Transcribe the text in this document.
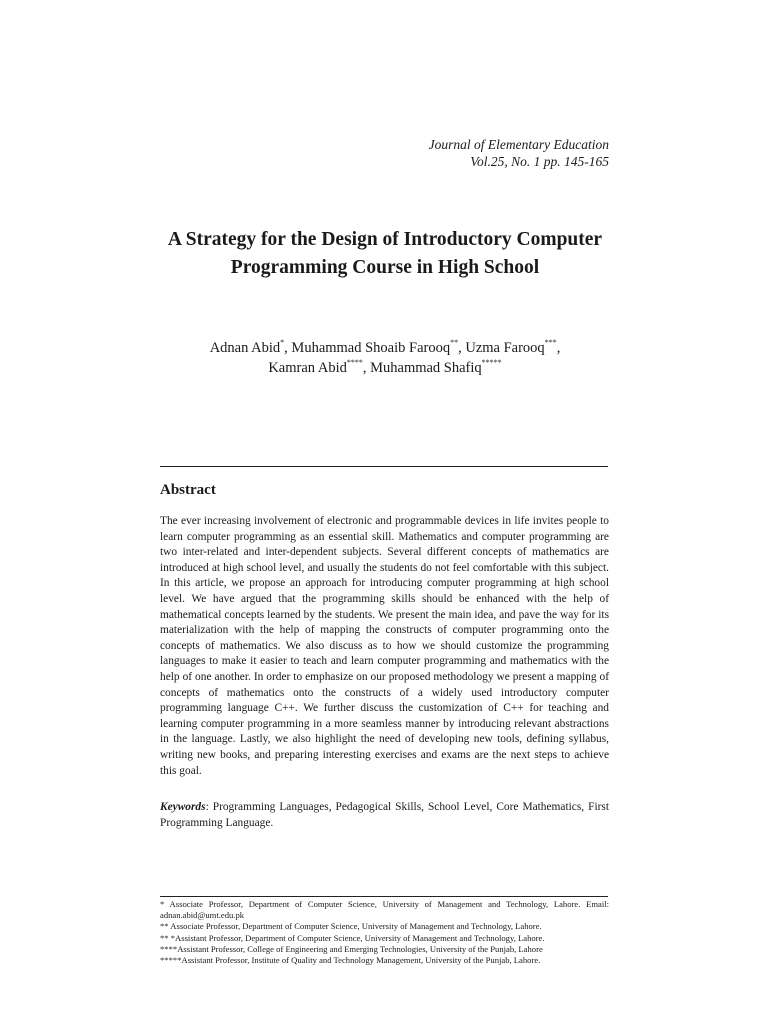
Journal of Elementary Education
Vol.25, No. 1 pp. 145-165
A Strategy for the Design of Introductory Computer
Programming Course in High School
Adnan Abid*, Muhammad Shoaib Farooq**, Uzma Farooq***,
Kamran Abid****, Muhammad Shafiq*****
Abstract
The ever increasing involvement of electronic and programmable devices in life invites people to learn computer programming as an essential skill. Mathematics and computer programming are two inter-related and inter-dependent subjects. Several different concepts of mathematics are introduced at high school level, and usually the students do not feel comfortable with this subject. In this article, we propose an approach for introducing computer programming at high school level. We have argued that the programming skills should be enhanced with the help of mathematical concepts learned by the students. We present the main idea, and pave the way for its materialization with the help of mapping the constructs of computer programming onto the concepts of mathematics. We also discuss as to how we should customize the programming languages to make it easier to teach and learn computer programming and mathematics with the help of one another. In order to emphasize on our proposed methodology we present a mapping of concepts of mathematics onto the constructs of a widely used introductory computer programming language C++. We further discuss the customization of C++ for teaching and learning computer programming in a more seamless manner by introducing relevant abstractions in the language. Lastly, we also highlight the need of developing new tools, defining syllabus, writing new books, and preparing interesting exercises and exams are the next steps to achieve this goal.
Keywords: Programming Languages, Pedagogical Skills, School Level, Core Mathematics, First Programming Language.
* Associate Professor, Department of Computer Science, University of Management and Technology, Lahore. Email: adnan.abid@umt.edu.pk
** Associate Professor, Department of Computer Science, University of Management and Technology, Lahore.
** *Assistant Professor, Department of Computer Science, University of Management and Technology, Lahore.
****Assistant Professor, College of Engineering and Emerging Technologies, University of the Punjab, Lahore
*****Assistant Professor, Institute of Quality and Technology Management, University of the Punjab, Lahore.
